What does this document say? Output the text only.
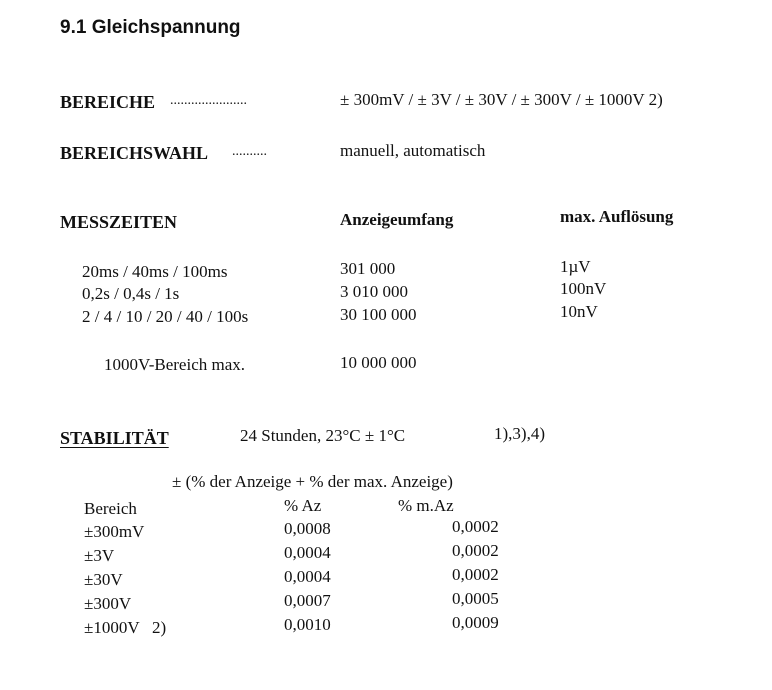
9.1 Gleichspannung
BEREICHE ......................	± 300mV / ± 3V / ± 30V / ± 300V / ± 1000V 2)
BEREICHSWAHL ..........	manuell, automatisch
MESSZEITEN	Anzeigeumfang	max. Auflösung
20ms / 40ms / 100ms	301 000	1µV
0,2s / 0,4s / 1s	3 010 000	100nV
2 / 4 / 10 / 20 / 40 / 100s	30 100 000	10nV
1000V-Bereich max.	10 000 000
STABILITÄT	24 Stunden, 23°C ± 1°C	1),3),4)
± (% der Anzeige + % der max. Anzeige)
Bereich	% Az	% m.Az
±300mV	0,0008	0,0002
±3V	0,0004	0,0002
±30V	0,0004	0,0002
±300V	0,0007	0,0005
±1000V   2)	0,0010	0,0009
